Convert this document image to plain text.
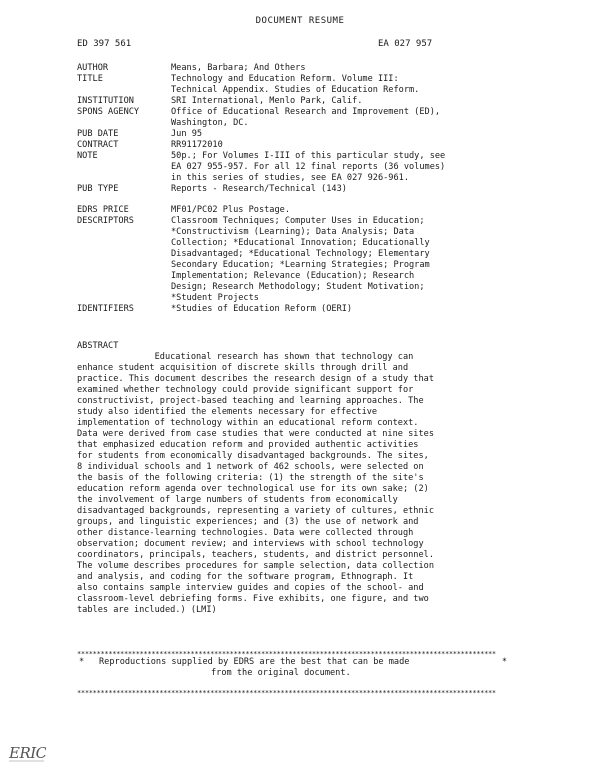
DOCUMENT RESUME
ED 397 561	EA 027 957
AUTHOR	Means, Barbara; And Others
TITLE	Technology and Education Reform. Volume III:
Technical Appendix. Studies of Education Reform.
INSTITUTION	SRI International, Menlo Park, Calif.
SPONS AGENCY	Office of Educational Research and Improvement (ED),
Washington, DC.
PUB DATE	Jun 95
CONTRACT	RR91172010
NOTE	50p.; For Volumes I-III of this particular study, see
EA 027 955-957. For all 12 final reports (36 volumes)
in this series of studies, see EA 027 926-961.
PUB TYPE	Reports - Research/Technical (143)
EDRS PRICE	MF01/PC02 Plus Postage.
DESCRIPTORS	Classroom Techniques; Computer Uses in Education;
*Constructivism (Learning); Data Analysis; Data
Collection; *Educational Innovation; Educationally
Disadvantaged; *Educational Technology; Elementary
Secondary Education; *Learning Strategies; Program
Implementation; Relevance (Education); Research
Design; Research Methodology; Student Motivation;
*Student Projects
IDENTIFIERS	*Studies of Education Reform (OERI)
ABSTRACT
Educational research has shown that technology can
enhance student acquisition of discrete skills through drill and
practice. This document describes the research design of a study that
examined whether technology could provide significant support for
constructivist, project-based teaching and learning approaches. The
study also identified the elements necessary for effective
implementation of technology within an educational reform context.
Data were derived from case studies that were conducted at nine sites
that emphasized education reform and provided authentic activities
for students from economically disadvantaged backgrounds. The sites,
8 individual schools and 1 network of 462 schools, were selected on
the basis of the following criteria: (1) the strength of the site's
education reform agenda over technological use for its own sake; (2)
the involvement of large numbers of students from economically
disadvantaged backgrounds, representing a variety of cultures, ethnic
groups, and linguistic experiences; and (3) the use of network and
other distance-learning technologies. Data were collected through
observation; document review; and interviews with school technology
coordinators, principals, teachers, students, and district personnel.
The volume describes procedures for sample selection, data collection
and analysis, and coding for the software program, Ethnograph. It
also contains sample interview guides and copies of the school- and
classroom-level debriefing forms. Five exhibits, one figure, and two
tables are included.) (LMI)
***********************************************************************************************************
*	*
Reproductions supplied by EDRS are the best that can be made
from the original document.
***********************************************************************************************************
ERIC
